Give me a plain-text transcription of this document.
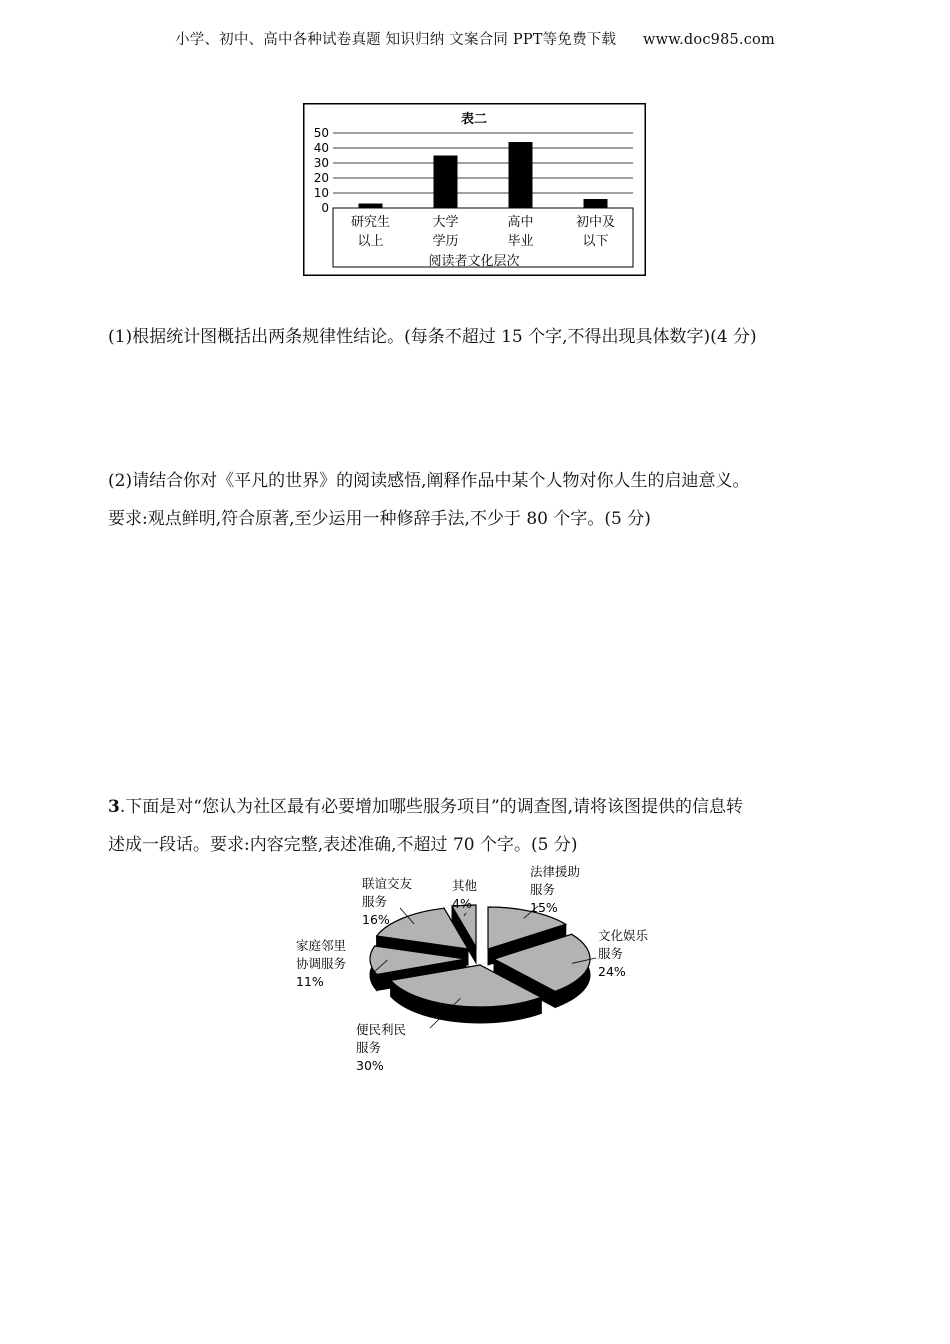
小学、初中、高中各种试卷真题 知识归纳 文案合同 PPT等免费下载 www.doc985.com
表二
0
10
20
30
40
50
研究生
以上
大学
学历
高中
毕业
初中及
以下
阅读者文化层次
(1)根据统计图概括出两条规律性结论。(每条不超过 15 个字,不得出现具体数字)(4 分)
(2)请结合你对《平凡的世界》的阅读感悟,阐释作品中某个人物对你人生的启迪意义。
要求:观点鲜明,符合原著,至少运用一种修辞手法,不少于 80 个字。(5 分)
3.下面是对“您认为社区最有必要增加哪些服务项目”的调查图,请将该图提供的信息转
述成一段话。要求:内容完整,表述准确,不超过 70 个字。(5 分)
法律援助
服务
15%
文化娱乐
服务
24%
便民利民
服务
30%
家庭邻里
协调服务
11%
联谊交友
服务
16%
其他
4%
